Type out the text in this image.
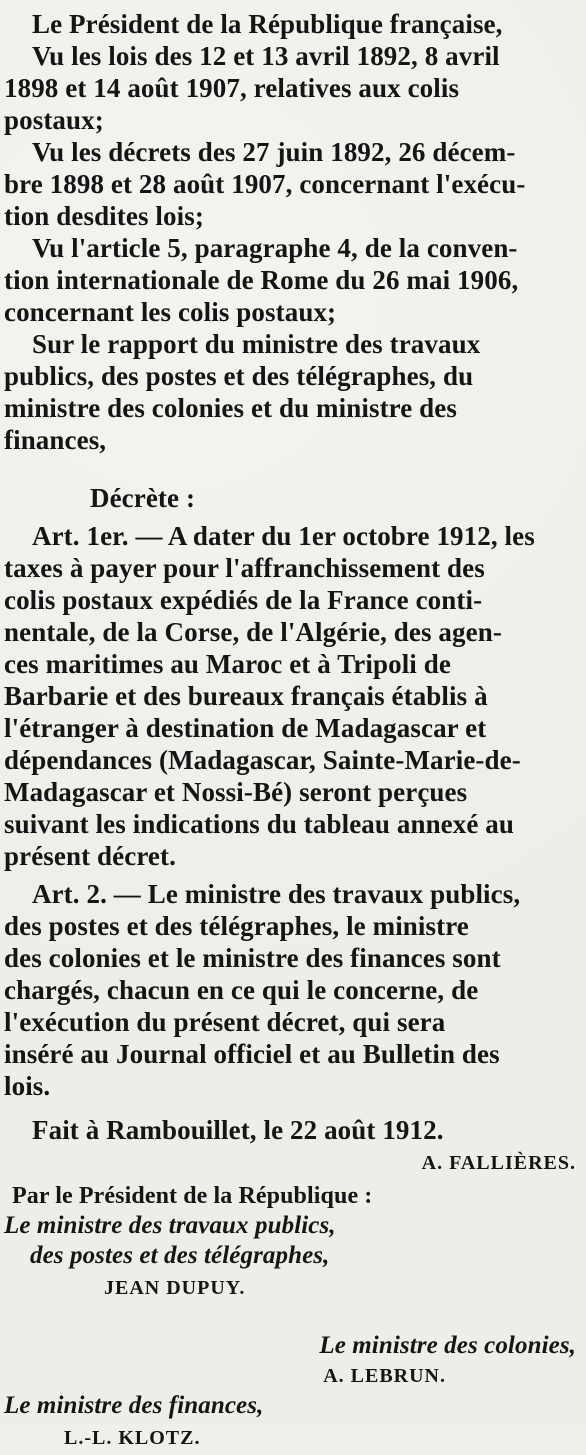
Le Président de la République française,
Vu les lois des 12 et 13 avril 1892, 8 avril
1898 et 14 août 1907, relatives aux colis
postaux;
Vu les décrets des 27 juin 1892, 26 décem-
bre 1898 et 28 août 1907, concernant l'exécu-
tion desdites lois;
Vu l'article 5, paragraphe 4, de la conven-
tion internationale de Rome du 26 mai 1906,
concernant les colis postaux;
Sur le rapport du ministre des travaux
publics, des postes et des télégraphes, du
ministre des colonies et du ministre des
finances,
Décrète :
Art. 1er. — A dater du 1er octobre 1912, les
taxes à payer pour l'affranchissement des
colis postaux expédiés de la France conti-
nentale, de la Corse, de l'Algérie, des agen-
ces maritimes au Maroc et à Tripoli de
Barbarie et des bureaux français établis à
l'étranger à destination de Madagascar et
dépendances (Madagascar, Sainte-Marie-de-
Madagascar et Nossi-Bé) seront perçues
suivant les indications du tableau annexé au
présent décret.
Art. 2. — Le ministre des travaux publics,
des postes et des télégraphes, le ministre
des colonies et le ministre des finances sont
chargés, chacun en ce qui le concerne, de
l'exécution du présent décret, qui sera
inséré au Journal officiel et au Bulletin des
lois.
Fait à Rambouillet, le 22 août 1912.
A. FALLIÈRES.
Par le Président de la République :
Le ministre des travaux publics,
des postes et des télégraphes,
JEAN DUPUY.
Le ministre des colonies,
A. LEBRUN.
Le ministre des finances,
L.-L. KLOTZ.
